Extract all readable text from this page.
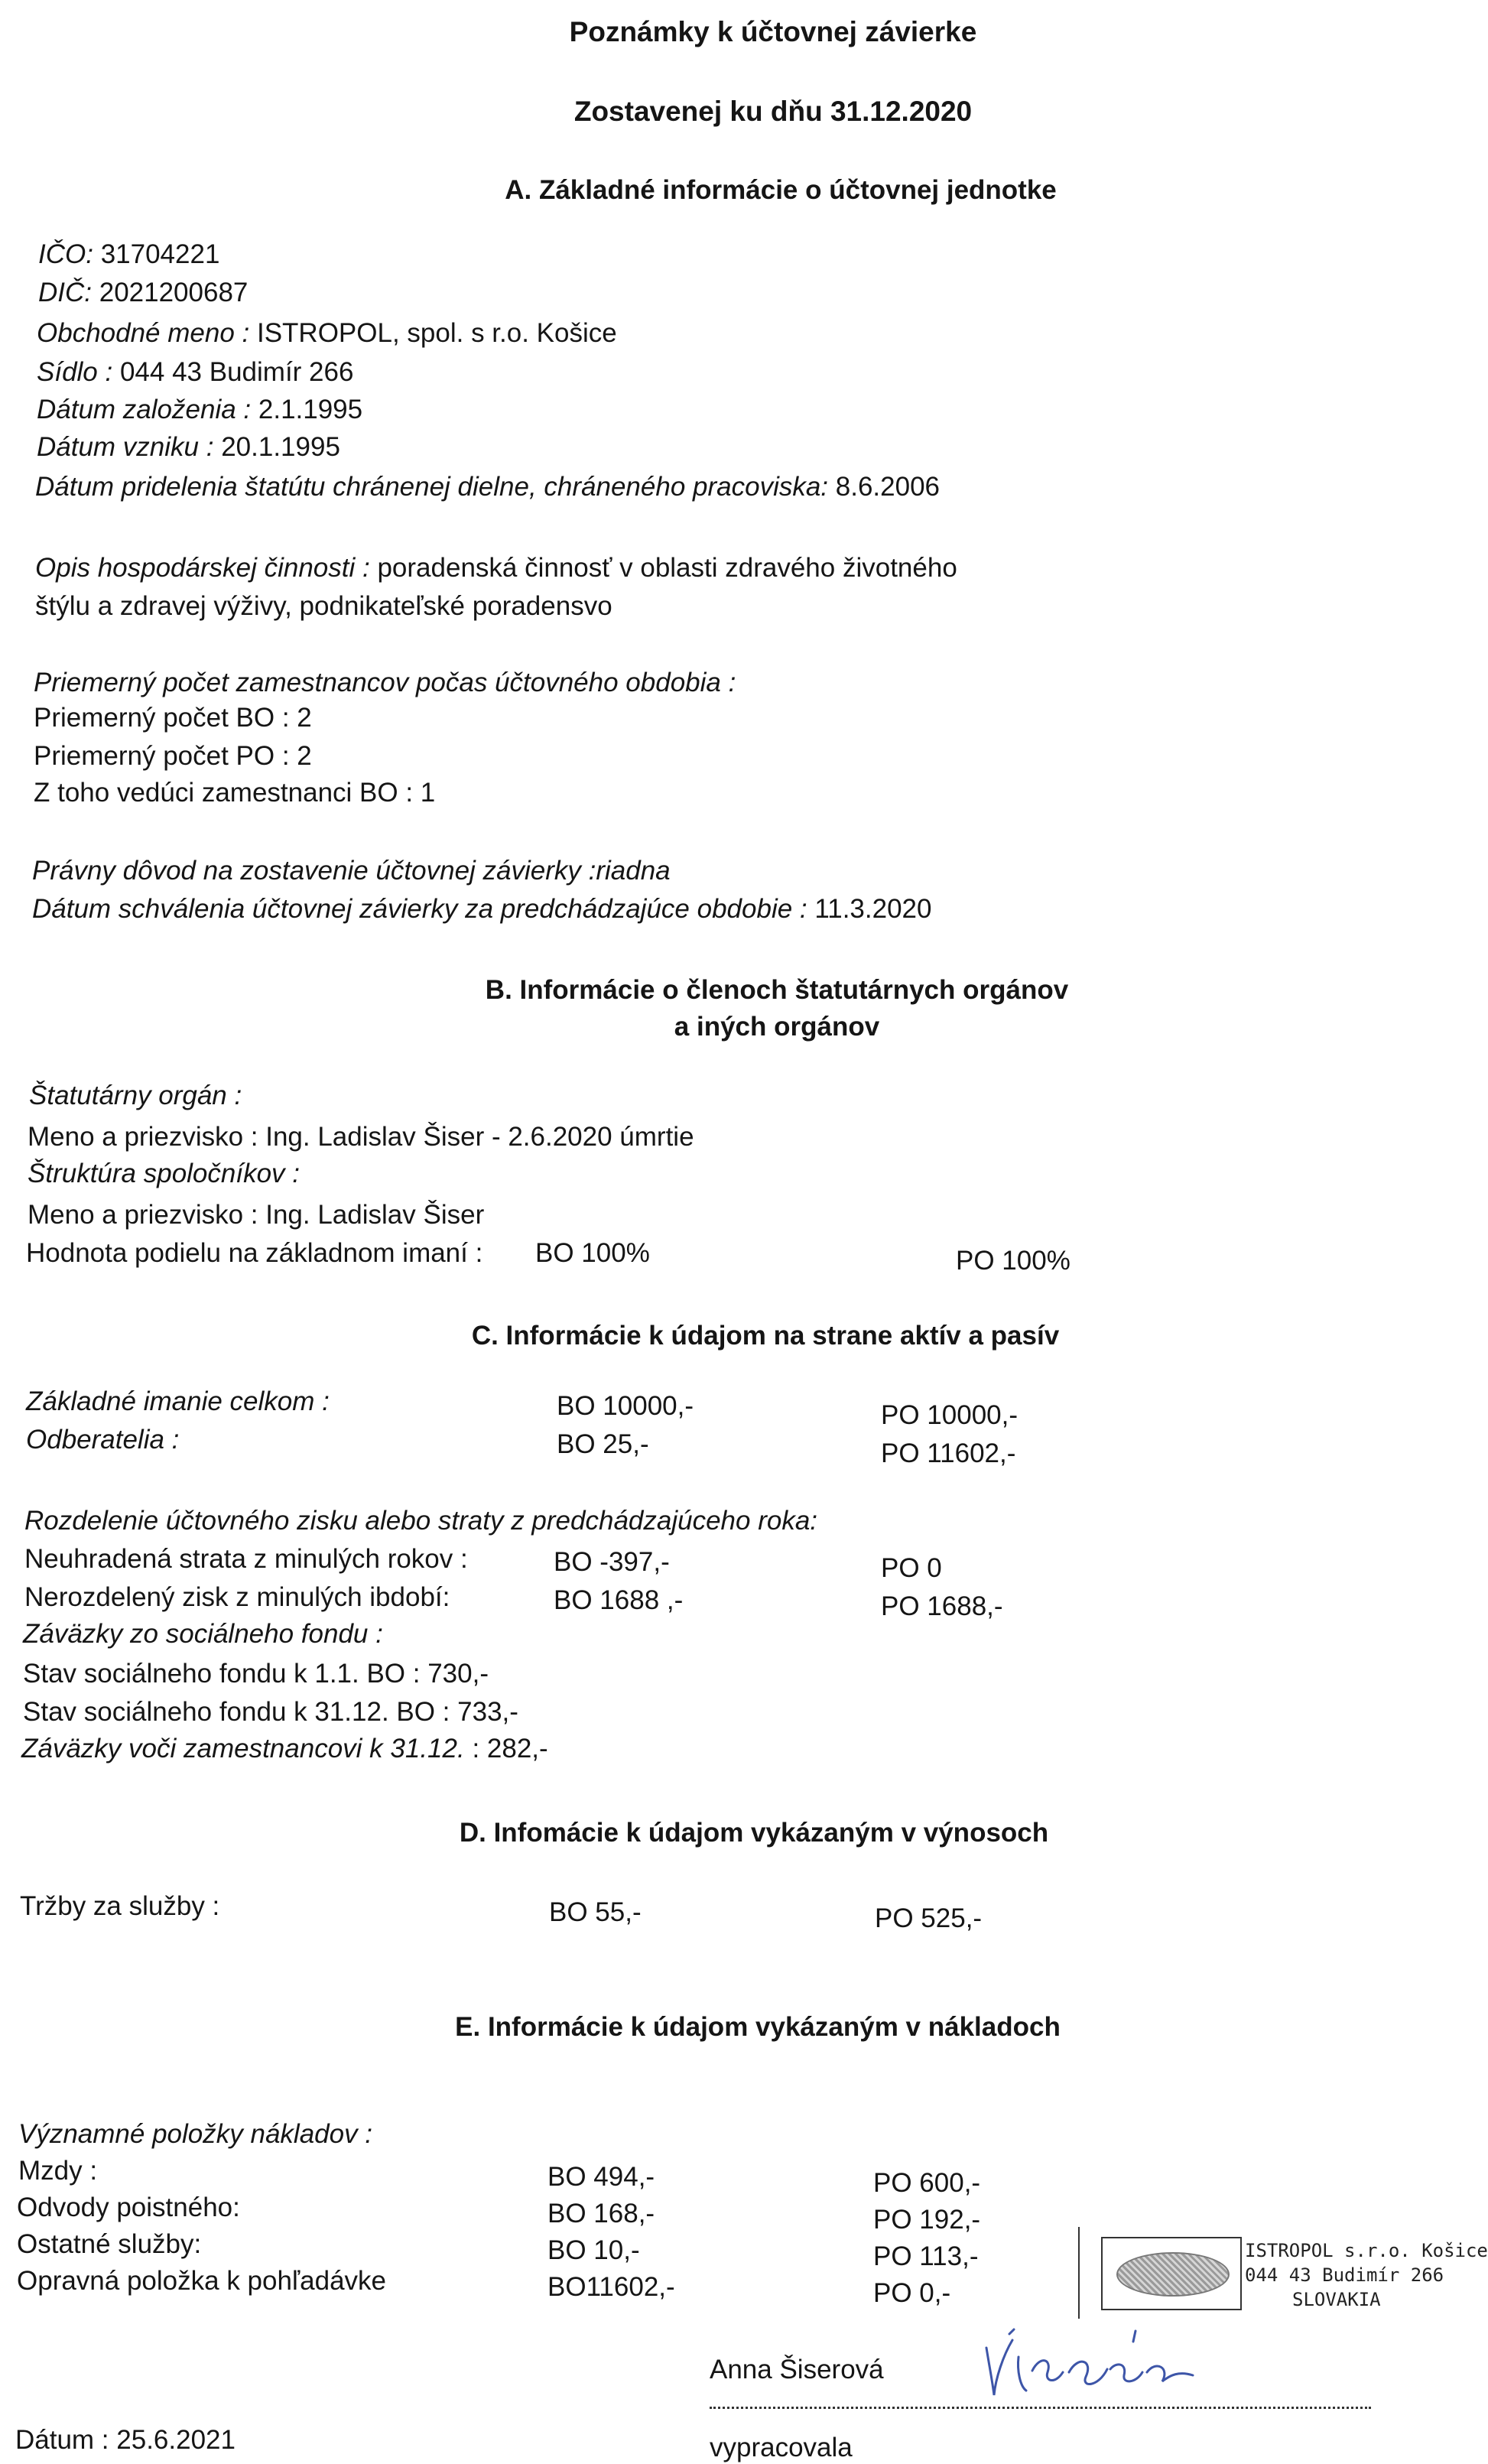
Poznámky k účtovnej závierke
Zostavenej ku dňu 31.12.2020
A. Základné informácie o účtovnej jednotke
IČO: 31704221
DIČ: 2021200687
Obchodné meno : ISTROPOL, spol. s r.o. Košice
Sídlo : 044 43 Budimír 266
Dátum založenia : 2.1.1995
Dátum vzniku : 20.1.1995
Dátum pridelenia štatútu chránenej dielne, chráneného pracoviska: 8.6.2006
Opis hospodárskej činnosti : poradenská činnosť v oblasti zdravého životného
štýlu a zdravej výživy, podnikateľské poradensvo
Priemerný počet zamestnancov počas účtovného obdobia :
Priemerný počet BO : 2
Priemerný počet PO : 2
Z toho vedúci zamestnanci BO : 1
Právny dôvod na zostavenie účtovnej závierky :riadna
Dátum schválenia účtovnej závierky za predchádzajúce obdobie : 11.3.2020
B. Informácie o členoch štatutárnych orgánov
a iných orgánov
Štatutárny orgán :
Meno a priezvisko : Ing. Ladislav Šiser - 2.6.2020 úmrtie
Štruktúra spoločníkov :
Meno a priezvisko : Ing. Ladislav Šiser
Hodnota podielu na základnom imaní : BO 100%	PO 100%
C. Informácie k údajom na strane aktív a pasív
Základné imanie celkom :	BO 10000,-	PO 10000,-
Odberatelia :	BO 25,-	PO 11602,-
Rozdelenie účtovného zisku alebo straty z predchádzajúceho roka:
Neuhradená strata z minulých rokov :	BO -397,-	PO 0
Nerozdelený zisk z minulých ibdobí:	BO 1688 ,-	PO 1688,-
Záväzky zo sociálneho fondu :
Stav sociálneho fondu k 1.1. BO : 730,-
Stav sociálneho fondu k 31.12. BO : 733,-
Záväzky voči zamestnancovi k 31.12. : 282,-
D. Infomácie k údajom vykázaným v výnosoch
Tržby za služby :	BO 55,-	PO 525,-
E. Informácie k údajom vykázaným v nákladoch
Významné položky nákladov :
Mzdy :	BO 494,-	PO 600,-
Odvody poistného:	BO 168,-	PO 192,-
Ostatné služby:	BO 10,-	PO 113,-
Opravná položka k pohľadávke	BO11602,-	PO 0,-
ISTROPOL s.r.o. Košice
044 43 Budimír 266
SLOVAKIA
Dátum : 25.6.2021
Anna Šiserová
vypracovala
